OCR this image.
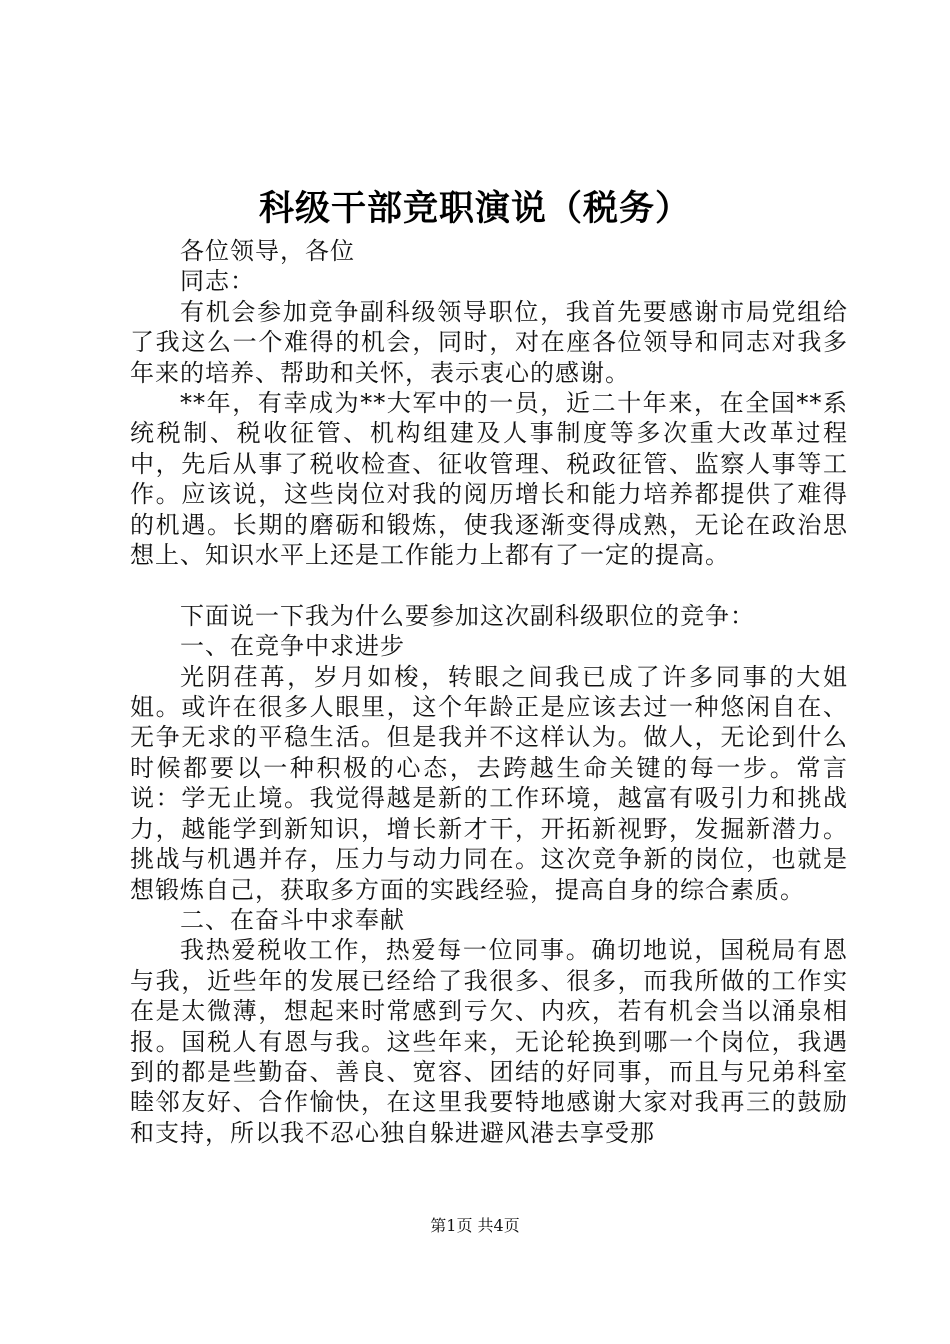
科级干部竞职演说（税务）

各位领导，各位

同志：

有机会参加竞争副科级领导职位，我首先要感谢市局党组给了我这么一个难得的机会，同时，对在座各位领导和同志对我多年来的培养、帮助和关怀，表示衷心的感谢。

**年，有幸成为**大军中的一员，近二十年来，在全国**系统税制、税收征管、机构组建及人事制度等多次重大改革过程中，先后从事了税收检查、征收管理、税政征管、监察人事等工作。应该说，这些岗位对我的阅历增长和能力培养都提供了难得的机遇。长期的磨砺和锻炼，使我逐渐变得成熟，无论在政治思想上、知识水平上还是工作能力上都有了一定的提高。

下面说一下我为什么要参加这次副科级职位的竞争：

一、在竞争中求进步

光阴荏苒，岁月如梭，转眼之间我已成了许多同事的大姐姐。或许在很多人眼里，这个年龄正是应该去过一种悠闲自在、无争无求的平稳生活。但是我并不这样认为。做人，无论到什么时候都要以一种积极的心态，去跨越生命关键的每一步。常言说：学无止境。我觉得越是新的工作环境，越富有吸引力和挑战力，越能学到新知识，增长新才干，开拓新视野，发掘新潜力。挑战与机遇并存，压力与动力同在。这次竞争新的岗位，也就是想锻炼自己，获取多方面的实践经验，提高自身的综合素质。

二、在奋斗中求奉献

我热爱税收工作，热爱每一位同事。确切地说，国税局有恩与我，近些年的发展已经给了我很多、很多，而我所做的工作实在是太微薄，想起来时常感到亏欠、内疚，若有机会当以涌泉相报。国税人有恩与我。这些年来，无论轮换到哪一个岗位，我遇到的都是些勤奋、善良、宽容、团结的好同事，而且与兄弟科室睦邻友好、合作愉快，在这里我要特地感谢大家对我再三的鼓励和支持，所以我不忍心独自躲进避风港去享受那

第1页 共4页
